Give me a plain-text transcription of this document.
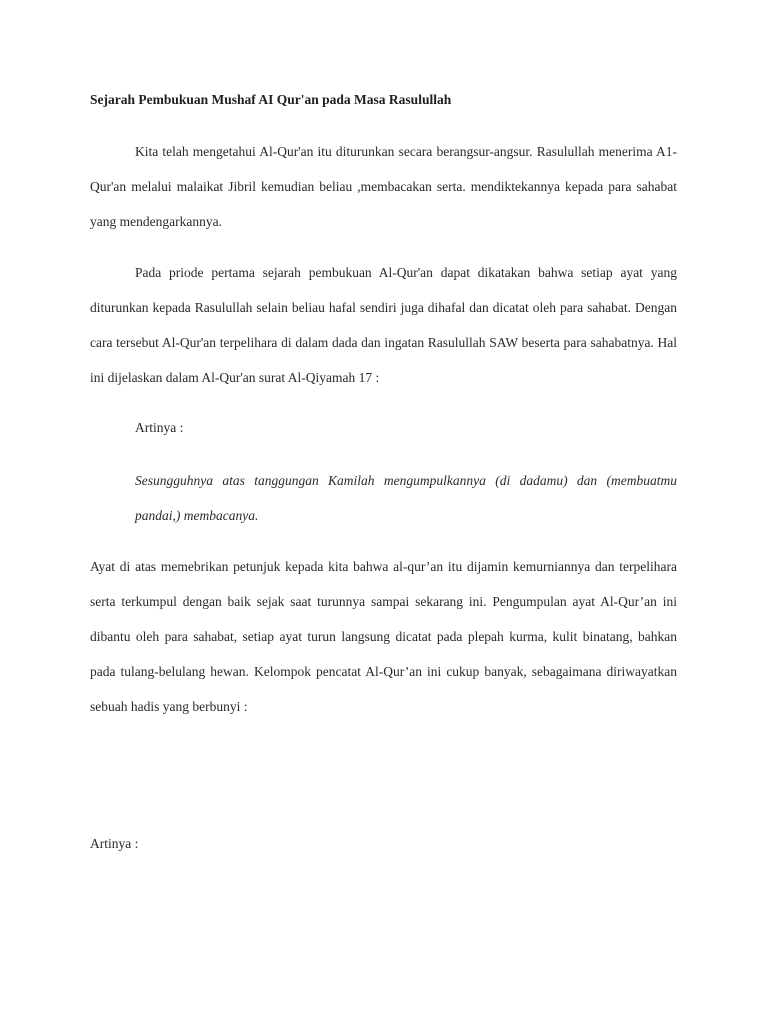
Sejarah Pembukuan Mushaf AI Qur'an pada Masa Rasulullah

Kita telah mengetahui Al-Qur'an itu diturunkan secara berangsur-angsur. Rasulullah menerima A1-Qur'an melalui malaikat Jibril kemudian beliau ,membacakan serta. mendiktekannya kepada para sahabat yang mendengarkannya.

Pada priode pertama sejarah pembukuan Al-Qur'an dapat dikatakan bahwa setiap ayat yang diturunkan kepada Rasulullah selain beliau hafal sendiri juga dihafal dan dicatat oleh para sahabat. Dengan cara tersebut Al-Qur'an terpelihara di dalam dada dan ingatan Rasulullah SAW beserta para sahabatnya. Hal ini dijelaskan dalam Al-Qur'an surat Al-Qiyamah 17 :

Artinya :

Sesungguhnya atas tanggungan Kamilah mengumpulkannya (di dadamu) dan (membuatmu pandai,) membacanya.

Ayat di atas memebrikan petunjuk kepada kita bahwa al-qur’an itu dijamin kemurniannya dan terpelihara serta terkumpul dengan baik sejak saat turunnya sampai sekarang ini. Pengumpulan ayat Al-Qur’an ini dibantu oleh para sahabat, setiap ayat turun langsung dicatat pada plepah kurma, kulit binatang, bahkan pada tulang-belulang hewan. Kelompok pencatat Al-Qur’an ini cukup banyak, sebagaimana diriwayatkan sebuah hadis yang berbunyi :

Artinya :
